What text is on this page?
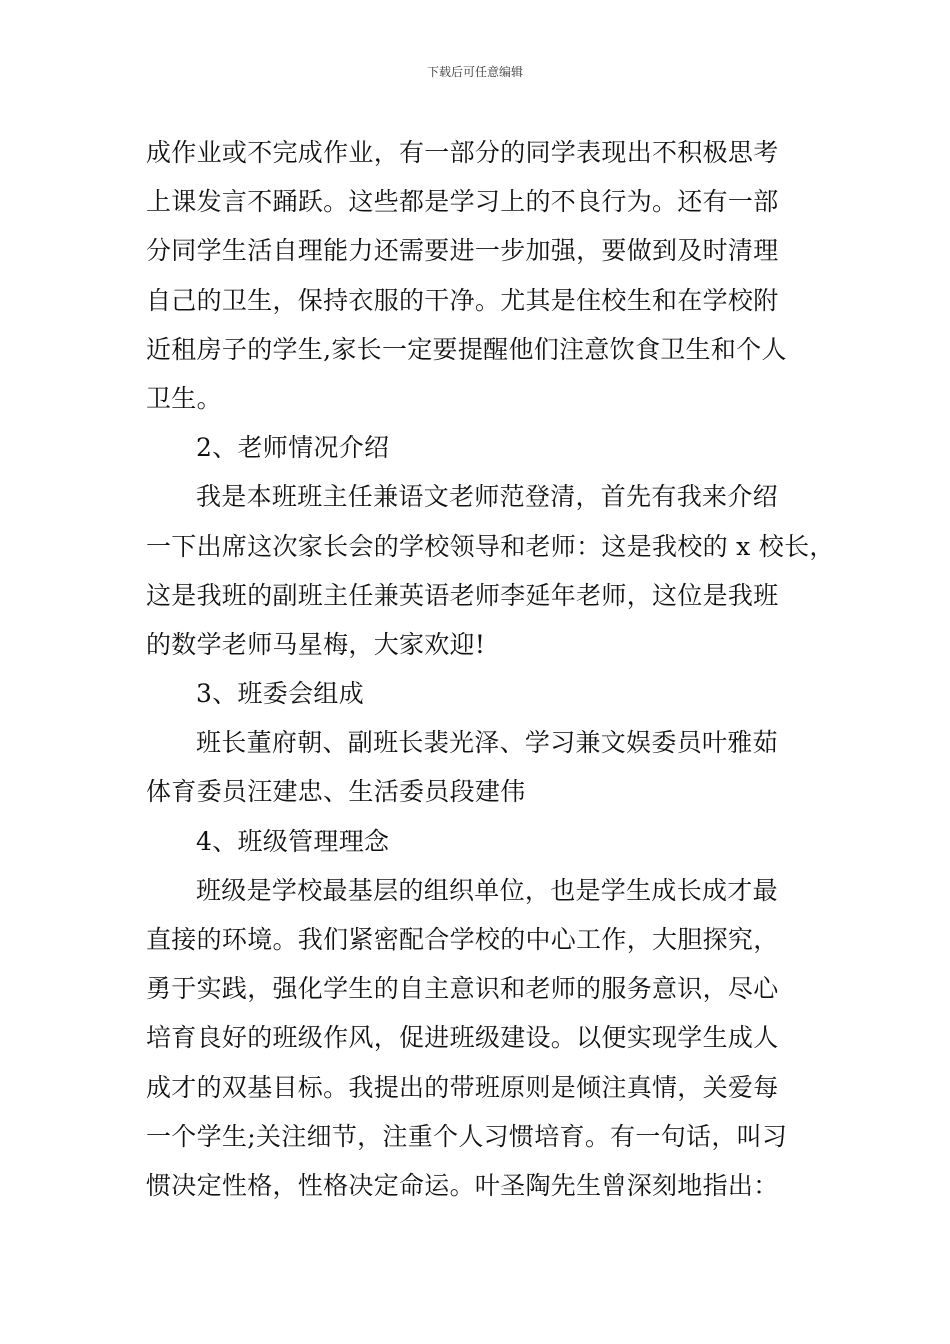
下载后可任意编辑
成作业或不完成作业，有一部分的同学表现出不积极思考
上课发言不踊跃。这些都是学习上的不良行为。还有一部
分同学生活自理能力还需要进一步加强，要做到及时清理
自己的卫生，保持衣服的干净。尤其是住校生和在学校附
近租房子的学生,家长一定要提醒他们注意饮食卫生和个人
卫生。
2、老师情况介绍
我是本班班主任兼语文老师范登清，首先有我来介绍
一下出席这次家长会的学校领导和老师：这是我校的 x 校长，
这是我班的副班主任兼英语老师李延年老师，这位是我班
的数学老师马星梅，大家欢迎!
3、班委会组成
班长董府朝、副班长裴光泽、学习兼文娱委员叶雅茹
体育委员汪建忠、生活委员段建伟
4、班级管理理念
班级是学校最基层的组织单位，也是学生成长成才最
直接的环境。我们紧密配合学校的中心工作，大胆探究，
勇于实践，强化学生的自主意识和老师的服务意识，尽心
培育良好的班级作风，促进班级建设。以便实现学生成人
成才的双基目标。我提出的带班原则是倾注真情，关爱每
一个学生;关注细节，注重个人习惯培育。有一句话，叫习
惯决定性格，性格决定命运。叶圣陶先生曾深刻地指出：
